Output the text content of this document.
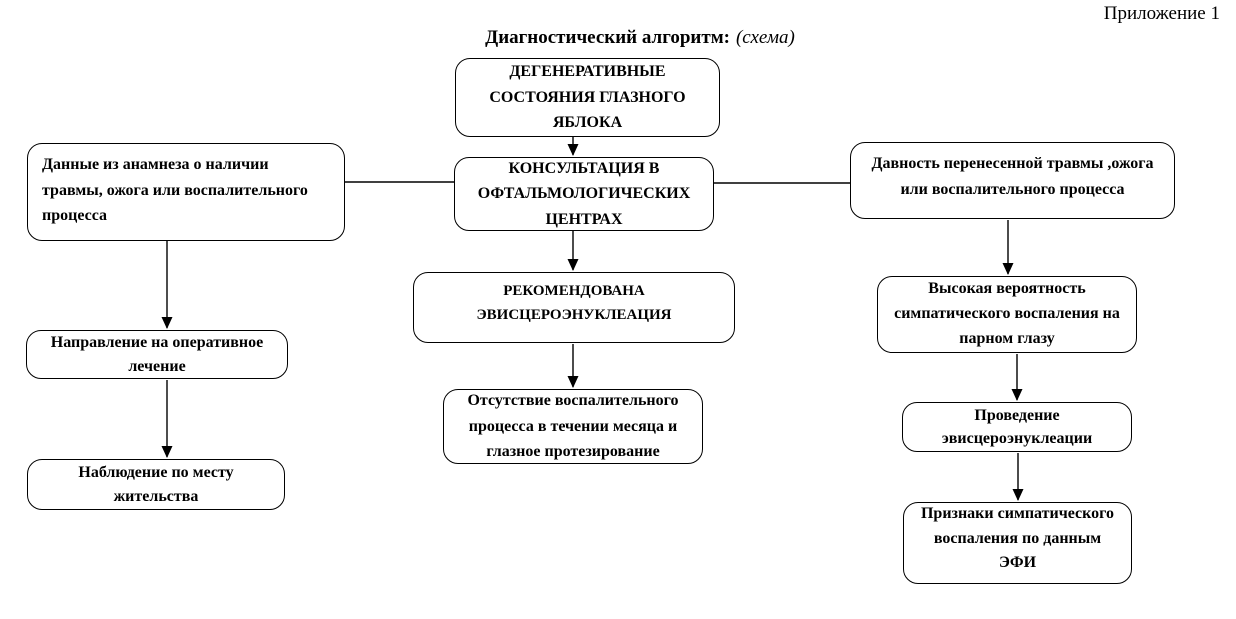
Приложение 1
Диагностический алгоритм: (схема)
ДЕГЕНЕРАТИВНЫЕ СОСТОЯНИЯ ГЛАЗНОГО ЯБЛОКА
КОНСУЛЬТАЦИЯ В ОФТАЛЬМОЛОГИЧЕСКИХ ЦЕНТРАХ
Данные из анамнеза о наличии травмы, ожога или воспалительного процесса
Давность перенесенной травмы ,ожога или воспалительного процесса
РЕКОМЕНДОВАНА ЭВИСЦЕРОЭНУКЛЕАЦИЯ
Отсутствие воспалительного процесса в течении месяца и глазное протезирование
Направление на оперативное лечение
Наблюдение по месту жительства
Высокая вероятность симпатического воспаления на парном глазу
Проведение эвисцероэнуклеации
Признаки симпатического воспаления по данным ЭФИ
